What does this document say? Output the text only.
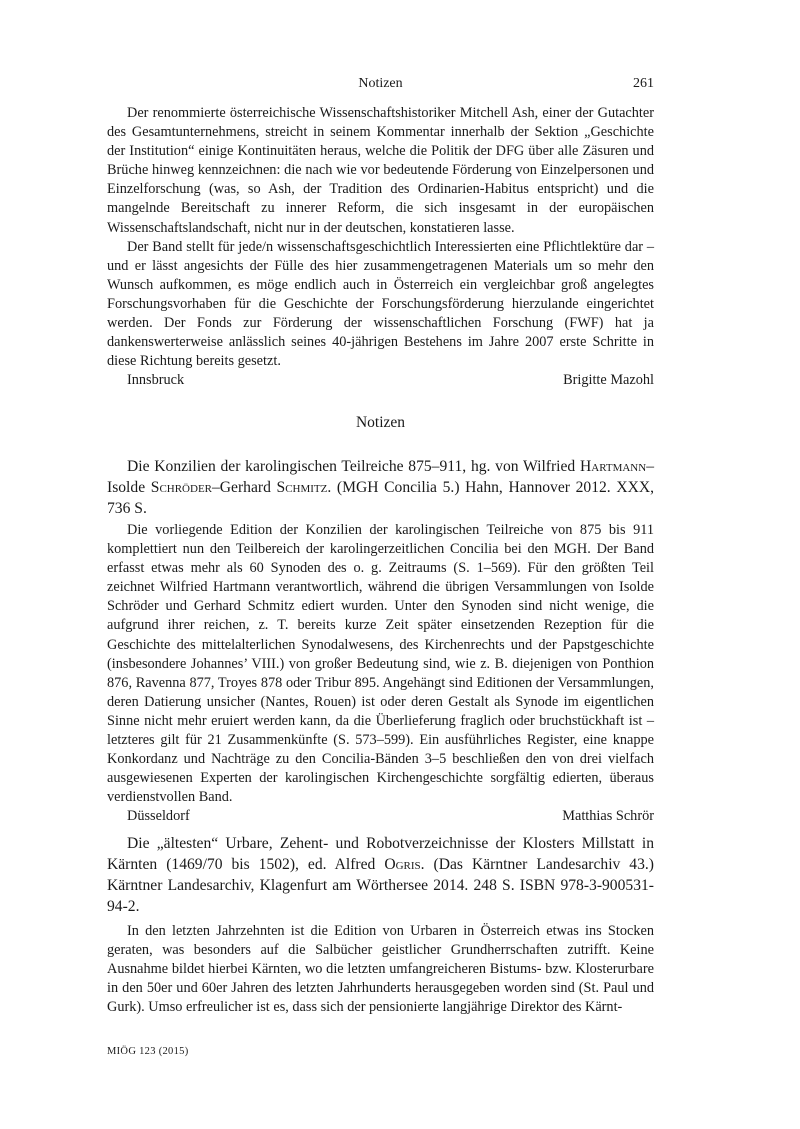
Notizen	261

Der renommierte österreichische Wissenschaftshistoriker Mitchell Ash, einer der Gutachter des Gesamtunternehmens, streicht in seinem Kommentar innerhalb der Sektion „Geschichte der Institution“ einige Kontinuitäten heraus, welche die Politik der DFG über alle Zäsuren und Brüche hinweg kennzeichnen: die nach wie vor bedeutende Förderung von Einzelpersonen und Einzelforschung (was, so Ash, der Tradition des Ordinarien-Habitus entspricht) und die mangelnde Bereitschaft zu innerer Reform, die sich insgesamt in der europäischen Wissenschaftslandschaft, nicht nur in der deutschen, konstatieren lasse.

Der Band stellt für jede/n wissenschaftsgeschichtlich Interessierten eine Pflichtlektüre dar – und er lässt angesichts der Fülle des hier zusammengetragenen Materials um so mehr den Wunsch aufkommen, es möge endlich auch in Österreich ein vergleichbar groß angelegtes Forschungsvorhaben für die Geschichte der Forschungsförderung hierzulande eingerichtet werden. Der Fonds zur Förderung der wissenschaftlichen Forschung (FWF) hat ja dankenswerterweise anlässlich seines 40-jährigen Bestehens im Jahre 2007 erste Schritte in diese Richtung bereits gesetzt.

Innsbruck	Brigitte Mazohl
Notizen
Die Konzilien der karolingischen Teilreiche 875–911, hg. von Wilfried Hartmann–Isolde Schröder–Gerhard Schmitz. (MGH Concilia 5.) Hahn, Hannover 2012. XXX, 736 S.

Die vorliegende Edition der Konzilien der karolingischen Teilreiche von 875 bis 911 komplettiert nun den Teilbereich der karolingerzeitlichen Concilia bei den MGH. Der Band erfasst etwas mehr als 60 Synoden des o. g. Zeitraums (S. 1–569). Für den größten Teil zeichnet Wilfried Hartmann verantwortlich, während die übrigen Versammlungen von Isolde Schröder und Gerhard Schmitz ediert wurden. Unter den Synoden sind nicht wenige, die aufgrund ihrer reichen, z. T. bereits kurze Zeit später einsetzenden Rezeption für die Geschichte des mittelalterlichen Synodalwesens, des Kirchenrechts und der Papstgeschichte (insbesondere Johannes’ VIII.) von großer Bedeutung sind, wie z. B. diejenigen von Ponthion 876, Ravenna 877, Troyes 878 oder Tribur 895. Angehängt sind Editionen der Versammlungen, deren Datierung unsicher (Nantes, Rouen) ist oder deren Gestalt als Synode im eigentlichen Sinne nicht mehr eruiert werden kann, da die Überlieferung fraglich oder bruchstückhaft ist – letzteres gilt für 21 Zusammenkünfte (S. 573–599). Ein ausführliches Register, eine knappe Konkordanz und Nachträge zu den Concilia-Bänden 3–5 beschließen den von drei vielfach ausgewiesenen Experten der karolingischen Kirchengeschichte sorgfältig edierten, überaus verdienstvollen Band.

Düsseldorf	Matthias Schrör
Die „ältesten“ Urbare, Zehent- und Robotverzeichnisse der Klosters Millstatt in Kärnten (1469/70 bis 1502), ed. Alfred Ogris. (Das Kärntner Landesarchiv 43.) Kärntner Landesarchiv, Klagenfurt am Wörthersee 2014. 248 S. ISBN 978-3-900531-94-2.

In den letzten Jahrzehnten ist die Edition von Urbaren in Österreich etwas ins Stocken geraten, was besonders auf die Salbücher geistlicher Grundherrschaften zutrifft. Keine Ausnahme bildet hierbei Kärnten, wo die letzten umfangreicheren Bistums- bzw. Klosterurbare in den 50er und 60er Jahren des letzten Jahrhunderts herausgegeben worden sind (St. Paul und Gurk). Umso erfreulicher ist es, dass sich der pensionierte langjährige Direktor des Kärnt-

MIÖG 123 (2015)
